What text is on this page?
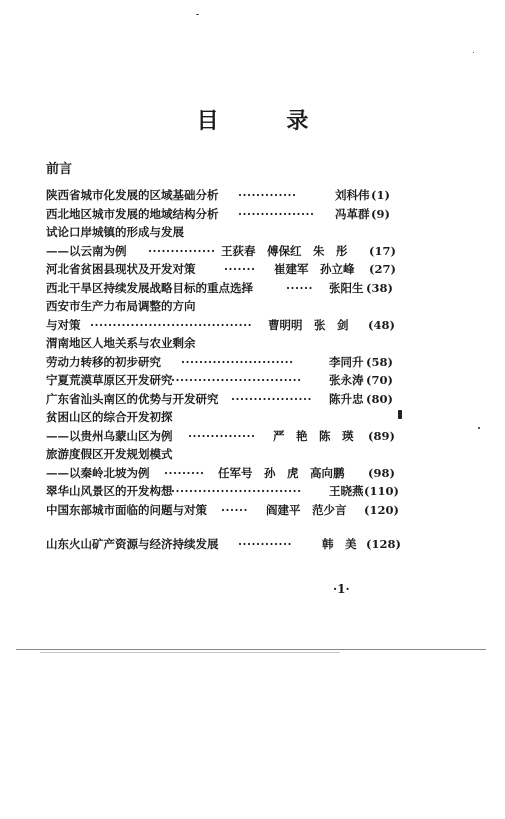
目 录
前言
陕西省城市化发展的区域基础分析 ·············	刘科伟 (1)
西北地区城市发展的地域结构分析 ·················	冯革群 (9)
试论口岸城镇的形成与发展
——以云南为例 ··············· 王荻春　傅保红　朱　彤 (17)
河北省贫困县现状及开发对策 ·······	崔建军　孙立峰 (27)
西北干旱区持续发展战略目标的重点选择	······	张阳生 (38)
西安市生产力布局调整的方向
与对策 ····································	曹明明　张　剑 (48)
渭南地区人地关系与农业剩余
劳动力转移的初步研究 ·························	李同升 (58)
宁夏荒漠草原区开发研究
·····························	张永涛 (70)
广东省汕头南区的优势与开发研究 ··················	陈升忠 (80)
贫困山区的综合开发初探
——以贵州乌蒙山区为例 ··············· 严　艳　陈　瑛 (89)
旅游度假区开发规划模式
——以秦岭北坡为例 ·········	任军号　孙　虎　高向鹏 (98)
翠华山风景区的开发构想
·····························	王晓燕 (110)
中国东部城市面临的问题与对策 ······	阎建平　范少言 (120)
山东火山矿产资源与经济持续发展 ············	韩　美 (128)
·1·
